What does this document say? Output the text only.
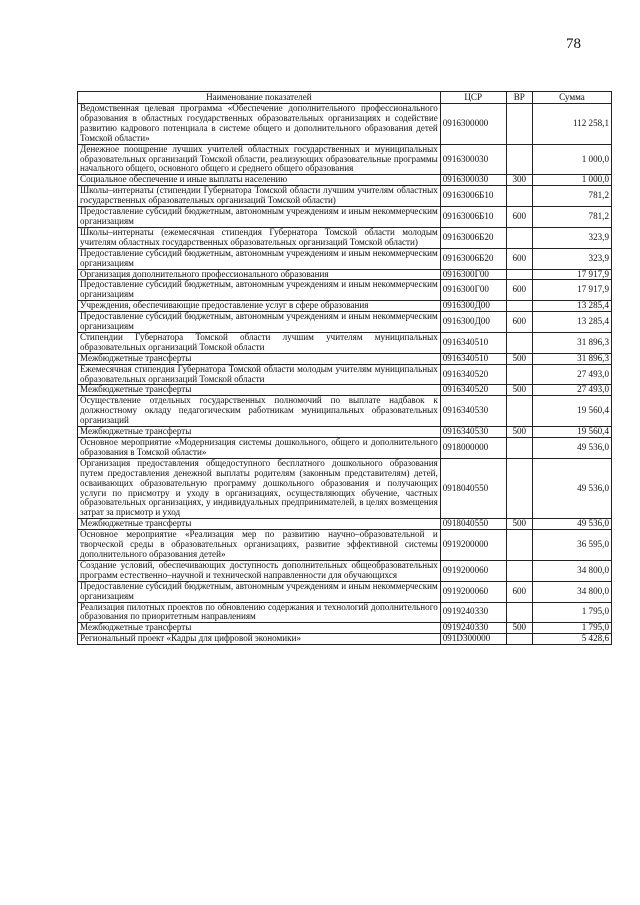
78
Наименование показателей	ЦСР	ВР	Сумма
Ведомственная целевая программа «Обеспечение дополнительного профессионального образования в областных государственных образовательных организациях и содействие развитию кадрового потенциала в системе общего и дополнительного образования детей Томской области»	0916300000		112 258,1
Денежное поощрение лучших учителей областных государственных и муниципальных образовательных организаций Томской области, реализующих образовательные программы начального общего, основного общего и среднего общего образования	0916300030		1 000,0
Социальное обеспечение и иные выплаты населению	0916300030	300	1 000,0
Школы–интернаты (стипендии Губернатора Томской области лучшим учителям областных государственных образовательных организаций Томской области)	09163006Б10		781,2
Предоставление субсидий бюджетным, автономным учреждениям и иным некоммерческим организациям	09163006Б10	600	781,2
Школы–интернаты (ежемесячная стипендия Губернатора Томской области молодым учителям областных государственных образовательных организаций Томской области)	09163006Б20		323,9
Предоставление субсидий бюджетным, автономным учреждениям и иным некоммерческим организациям	09163006Б20	600	323,9
Организация дополнительного профессионального образования	0916300Г00		17 917,9
Предоставление субсидий бюджетным, автономным учреждениям и иным некоммерческим организациям	0916300Г00	600	17 917,9
Учреждения, обеспечивающие предоставление услуг в сфере образования	0916300Д00		13 285,4
Предоставление субсидий бюджетным, автономным учреждениям и иным некоммерческим организациям	0916300Д00	600	13 285,4
Стипендии Губернатора Томской области лучшим учителям муниципальных образовательных организаций Томской области	0916340510		31 896,3
Межбюджетные трансферты	0916340510	500	31 896,3
Ежемесячная стипендия Губернатора Томской области молодым учителям муниципальных образовательных организаций Томской области	0916340520		27 493,0
Межбюджетные трансферты	0916340520	500	27 493,0
Осуществление отдельных государственных полномочий по выплате надбавок к должностному окладу педагогическим работникам муниципальных образовательных организаций	0916340530		19 560,4
Межбюджетные трансферты	0916340530	500	19 560,4
Основное мероприятие «Модернизация системы дошкольного, общего и дополнительного образования в Томской области»	0918000000		49 536,0
Организация предоставления общедоступного бесплатного дошкольного образования путем предоставления денежной выплаты родителям (законным представителям) детей, осваивающих образовательную программу дошкольного образования и получающих услуги по присмотру и уходу в организациях, осуществляющих обучение, частных образовательных организациях, у индивидуальных предпринимателей, в целях возмещения затрат за присмотр и уход	0918040550		49 536,0
Межбюджетные трансферты	0918040550	500	49 536,0
Основное мероприятие «Реализация мер по развитию научно–образовательной и творческой среды в образовательных организациях, развитие эффективной системы дополнительного образования детей»	0919200000		36 595,0
Создание условий, обеспечивающих доступность дополнительных общеобразовательных программ естественно–научной и технической направленности для обучающихся	0919200060		34 800,0
Предоставление субсидий бюджетным, автономным учреждениям и иным некоммерческим организациям	0919200060	600	34 800,0
Реализация пилотных проектов по обновлению содержания и технологий дополнительного образования по приоритетным направлениям	0919240330		1 795,0
Межбюджетные трансферты	0919240330	500	1 795,0
Региональный проект «Кадры для цифровой экономики»	091D300000		5 428,6
